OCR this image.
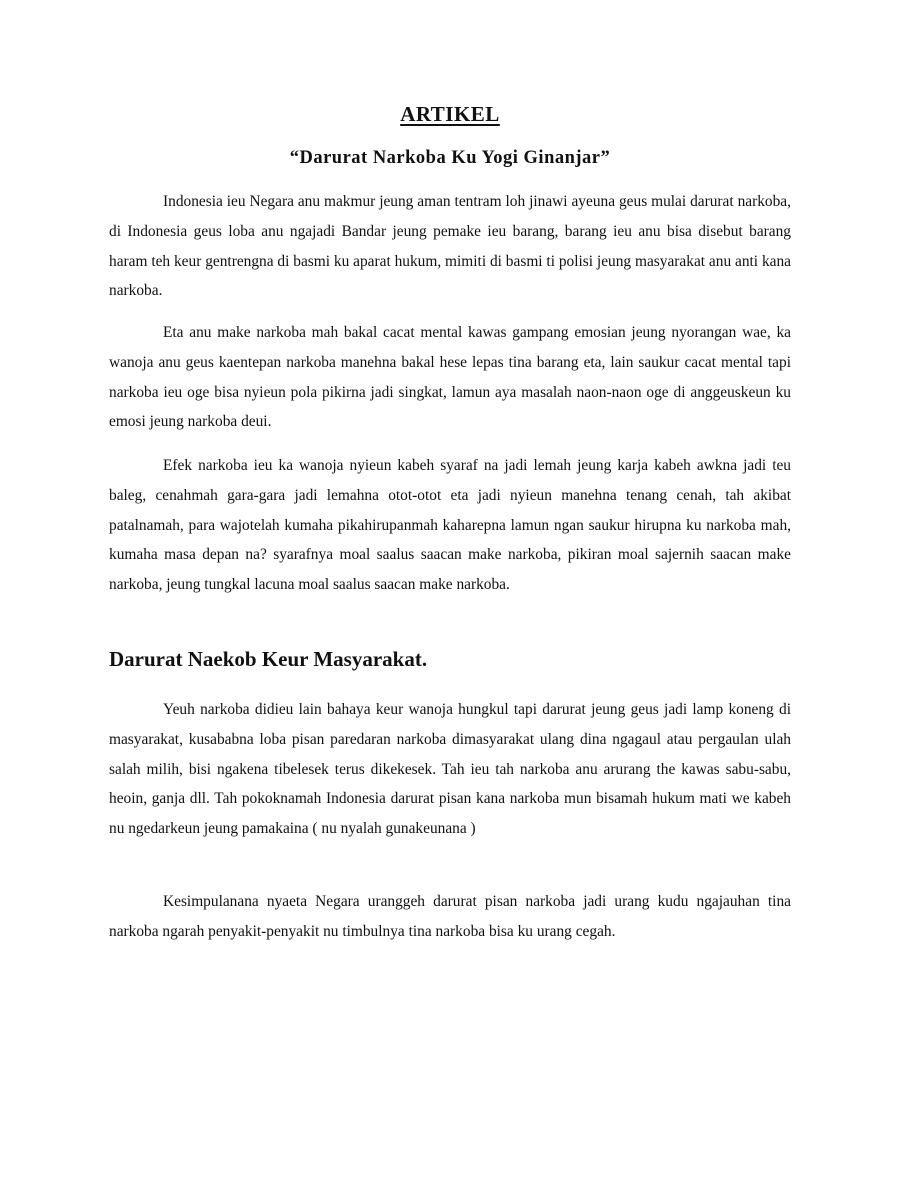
ARTIKEL
“Darurat Narkoba Ku Yogi Ginanjar”

Indonesia ieu Negara anu makmur jeung aman tentram loh jinawi ayeuna geus mulai darurat narkoba, di Indonesia geus loba anu ngajadi Bandar jeung pemake ieu barang, barang ieu anu bisa disebut barang haram teh keur gentrengna di basmi ku aparat hukum, mimiti di basmi ti polisi jeung masyarakat anu anti kana narkoba.

Eta anu make narkoba mah bakal cacat mental kawas gampang emosian jeung nyorangan wae, ka wanoja anu geus kaentepan narkoba manehna bakal hese lepas tina barang eta, lain saukur cacat mental tapi narkoba ieu oge bisa nyieun pola pikirna jadi singkat, lamun aya masalah naon-naon oge di anggeuskeun ku emosi jeung narkoba deui.

Efek narkoba ieu ka wanoja nyieun kabeh syaraf na jadi lemah jeung karja kabeh awkna jadi teu baleg, cenahmah gara-gara jadi lemahna otot-otot eta jadi nyieun manehna tenang cenah, tah akibat patalnamah, para wajotelah kumaha pikahirupanmah kaharepna lamun ngan saukur hirupna ku narkoba mah, kumaha masa depan na? syarafnya moal saalus saacan make narkoba, pikiran moal sajernih saacan make narkoba, jeung tungkal lacuna moal saalus saacan make narkoba.

Darurat Naekob Keur Masyarakat.

Yeuh narkoba didieu lain bahaya keur wanoja hungkul tapi darurat jeung geus jadi lamp koneng di masyarakat, kusababna loba pisan paredaran narkoba dimasyarakat ulang dina ngagaul atau pergaulan ulah salah milih, bisi ngakena tibelesek terus dikekesek. Tah ieu tah narkoba anu arurang the kawas sabu-sabu, heoin, ganja dll. Tah pokoknamah Indonesia darurat pisan kana narkoba mun bisamah hukum mati we kabeh nu ngedarkeun jeung pamakaina ( nu nyalah gunakeunana )

Kesimpulanana nyaeta Negara uranggeh darurat pisan narkoba jadi urang kudu ngajauhan tina narkoba ngarah penyakit-penyakit nu timbulnya tina narkoba bisa ku urang cegah.
